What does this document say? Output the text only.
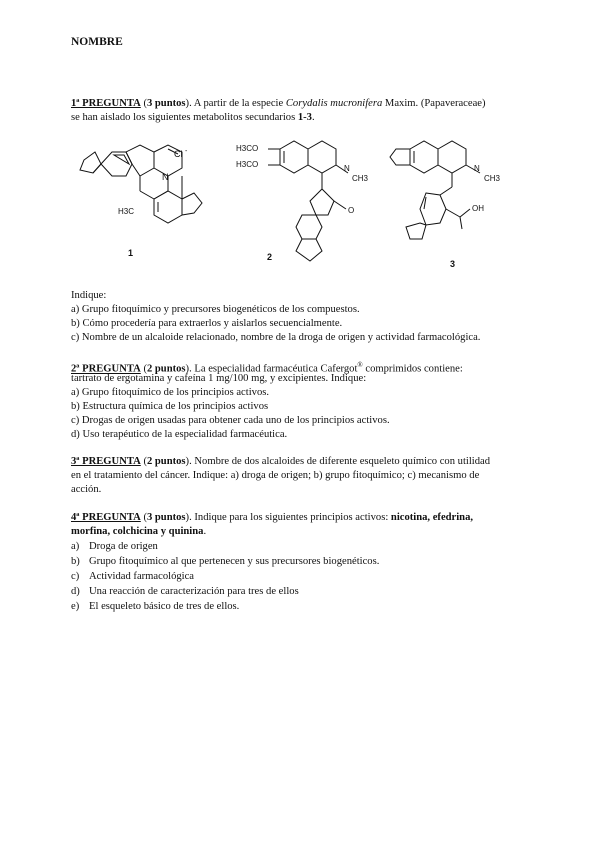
NOMBRE
1ª PREGUNTA (3 puntos). A partir de la especie Corydalis mucronifera Maxim. (Papaveraceae)
se han aislado los siguientes metabolitos secundarios 1-3.
Cl -
N
H3C
1
H3CO
H3CO	N
CH3
O
2
N
CH3
OH
3
Indique:
a) Grupo fitoquímico y precursores biogenéticos de los compuestos.
b) Cómo procedería para extraerlos y aislarlos secuencialmente.
c) Nombre de un alcaloide relacionado, nombre de la droga de origen y actividad farmacológica.
2ª PREGUNTA (2 puntos). La especialidad farmacéutica Cafergot® comprimidos contiene:
tartrato de ergotamina y cafeína 1 mg/100 mg, y excipientes. Indique:
a) Grupo fitoquímico de los principios activos.
b) Estructura química de los principios activos
c) Drogas de origen usadas para obtener cada uno de los principios activos.
d) Uso terapéutico de la especialidad farmacéutica.
3ª PREGUNTA (2 puntos). Nombre de dos alcaloides de diferente esqueleto químico con utilidad
en el tratamiento del cáncer. Indique: a) droga de origen; b) grupo fitoquímico; c) mecanismo de
acción.
4ª PREGUNTA (3 puntos). Indique para los siguientes principios activos: nicotina, efedrina,
morfina, colchicina y quinina.
a) Droga de origen
b) Grupo fitoquímico al que pertenecen y sus precursores biogenéticos.
c) Actividad farmacológica
d) Una reacción de caracterización para tres de ellos
e) El esqueleto básico de tres de ellos.
